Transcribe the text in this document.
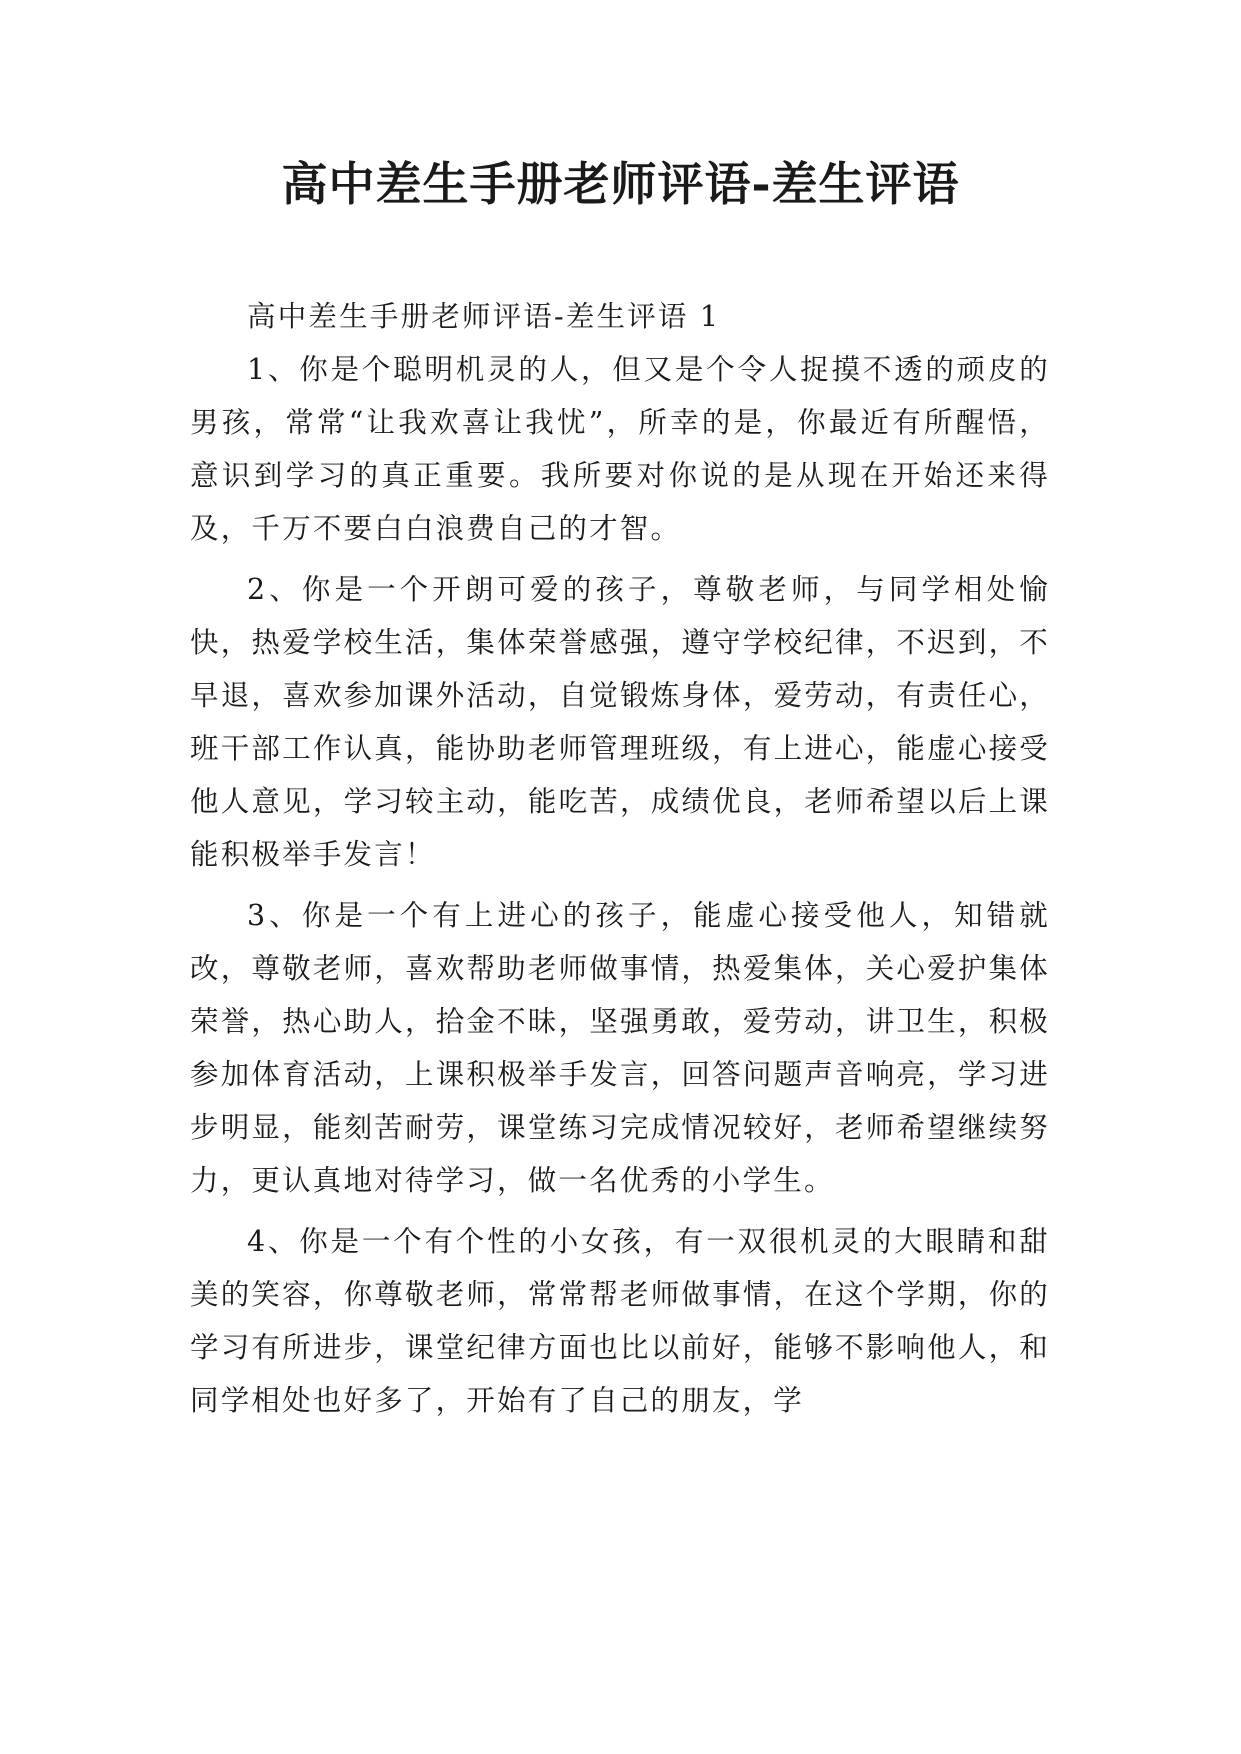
高中差生手册老师评语-差生评语

高中差生手册老师评语-差生评语 1

1、你是个聪明机灵的人，但又是个令人捉摸不透的顽皮的男孩，常常“让我欢喜让我忧”，所幸的是，你最近有所醒悟，意识到学习的真正重要。我所要对你说的是从现在开始还来得及，千万不要白白浪费自己的才智。

2、你是一个开朗可爱的孩子，尊敬老师，与同学相处愉快，热爱学校生活，集体荣誉感强，遵守学校纪律，不迟到，不早退，喜欢参加课外活动，自觉锻炼身体，爱劳动，有责任心，班干部工作认真，能协助老师管理班级，有上进心，能虚心接受他人意见，学习较主动，能吃苦，成绩优良，老师希望以后上课能积极举手发言！

3、你是一个有上进心的孩子，能虚心接受他人，知错就改，尊敬老师，喜欢帮助老师做事情，热爱集体，关心爱护集体荣誉，热心助人，拾金不昧，坚强勇敢，爱劳动，讲卫生，积极参加体育活动，上课积极举手发言，回答问题声音响亮，学习进步明显，能刻苦耐劳，课堂练习完成情况较好，老师希望继续努力，更认真地对待学习，做一名优秀的小学生。

4、你是一个有个性的小女孩，有一双很机灵的大眼睛和甜美的笑容，你尊敬老师，常常帮老师做事情，在这个学期，你的学习有所进步，课堂纪律方面也比以前好，能够不影响他人，和同学相处也好多了，开始有了自己的朋友，学
